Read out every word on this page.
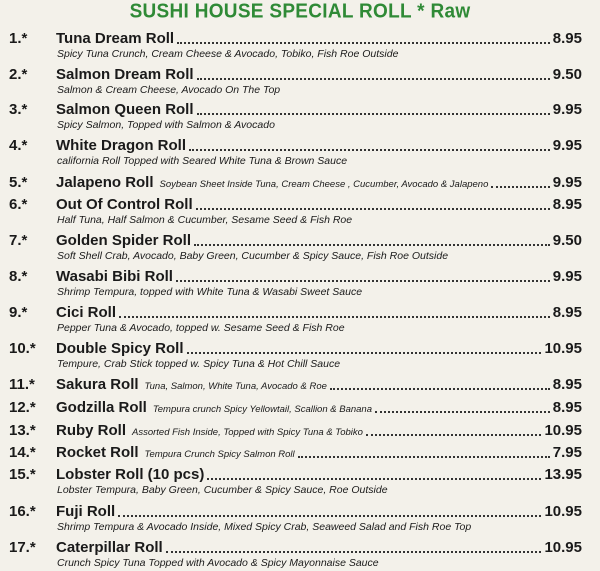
SUSHI HOUSE SPECIAL ROLL * Raw
1.* Tuna Dream Roll	8.95
Spicy Tuna Crunch, Cream Cheese & Avocado, Tobiko, Fish Roe Outside
2.* Salmon Dream Roll	9.50
Salmon & Cream Cheese, Avocado On The Top
3.* Salmon Queen Roll	9.95
Spicy Salmon, Topped with Salmon & Avocado
4.* White Dragon Roll	9.95
california Roll Topped with Seared White Tuna & Brown Sauce
5.* Jalapeno Roll Soybean Sheet Inside Tuna, Cream Cheese , Cucumber, Avocado & Jalapeno	9.95
6.* Out Of Control Roll	8.95
Half Tuna, Half Salmon & Cucumber, Sesame Seed & Fish Roe
7.* Golden Spider Roll	9.50
Soft Shell Crab, Avocado, Baby Green, Cucumber & Spicy Sauce, Fish Roe Outside
8.* Wasabi Bibi Roll	9.95
Shrimp Tempura, topped with White Tuna & Wasabi Sweet Sauce
9.* Cici Roll	8.95
Pepper Tuna & Avocado, topped w. Sesame Seed & Fish Roe
10.* Double Spicy Roll	10.95
Tempure, Crab Stick topped w. Spicy Tuna & Hot Chill Sauce
11.* Sakura Roll Tuna, Salmon, White Tuna, Avocado & Roe	8.95
12.* Godzilla Roll Tempura crunch Spicy Yellowtail, Scallion & Banana	8.95
13.* Ruby Roll Assorted Fish Inside, Topped with Spicy Tuna & Tobiko	10.95
14.* Rocket Roll Tempura Crunch Spicy Salmon Roll	7.95
15.* Lobster Roll (10 pcs)	13.95
Lobster Tempura, Baby Green, Cucumber & Spicy Sauce, Roe Outside
16.* Fuji Roll	10.95
Shrimp Tempura & Avocado Inside, Mixed Spicy Crab, Seaweed Salad and Fish Roe Top
17.* Caterpillar Roll	10.95
Crunch Spicy Tuna Topped with Avocado & Spicy Mayonnaise Sauce
